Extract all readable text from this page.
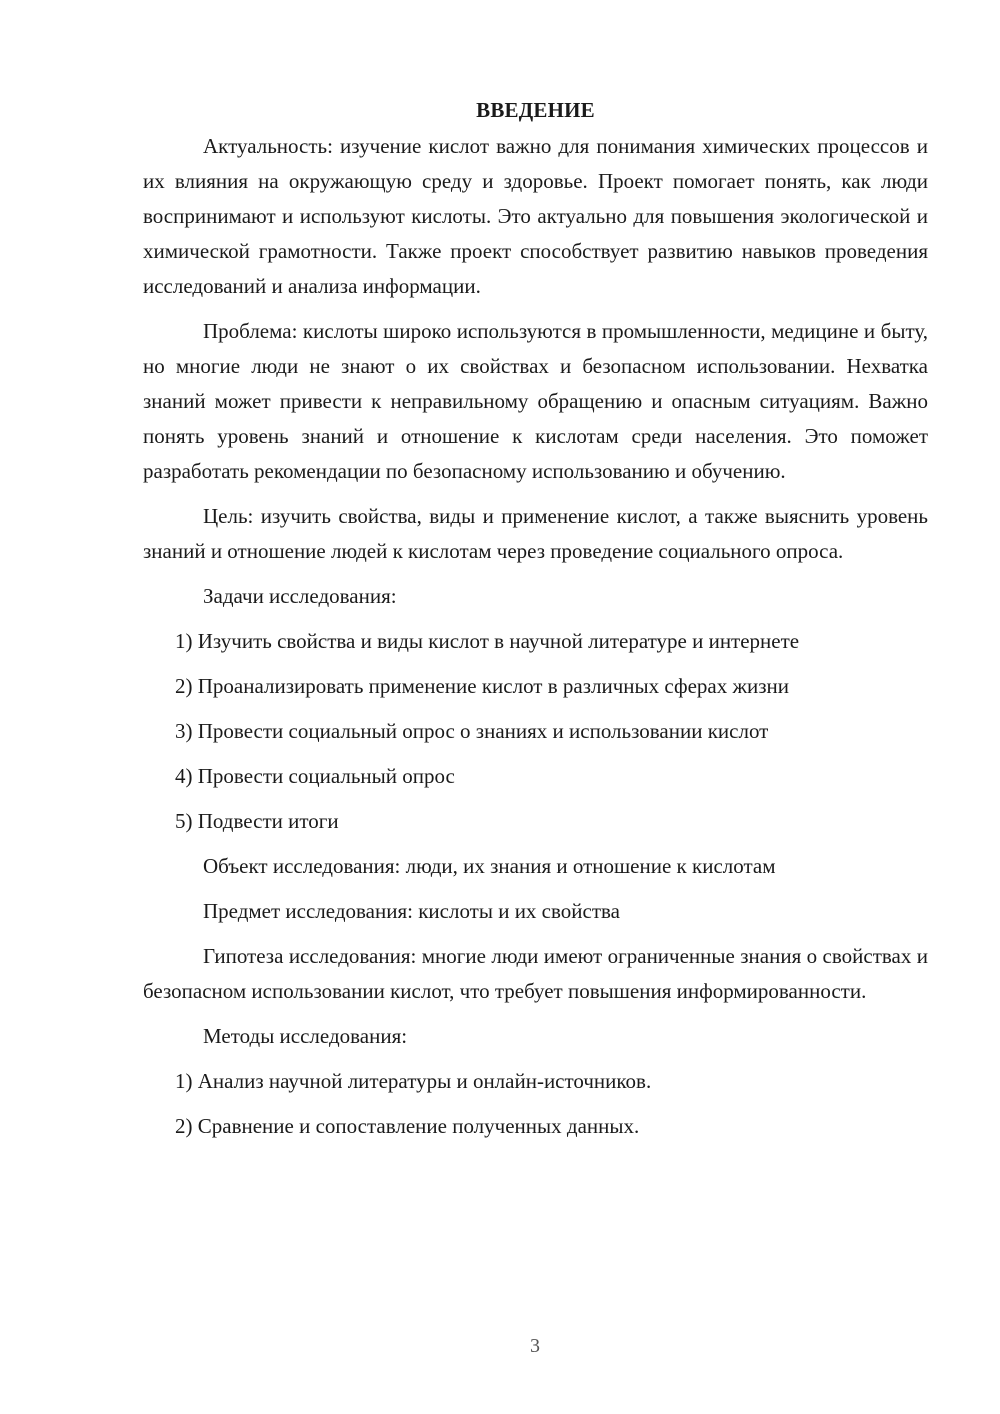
ВВЕДЕНИЕ

Актуальность: изучение кислот важно для понимания химических процессов и их влияния на окружающую среду и здоровье. Проект помогает понять, как люди воспринимают и используют кислоты. Это актуально для повышения экологической и химической грамотности. Также проект способствует развитию навыков проведения исследований и анализа информации.

Проблема: кислоты широко используются в промышленности, медицине и быту, но многие люди не знают о их свойствах и безопасном использовании. Нехватка знаний может привести к неправильному обращению и опасным ситуациям. Важно понять уровень знаний и отношение к кислотам среди населения. Это поможет разработать рекомендации по безопасному использованию и обучению.

Цель: изучить свойства, виды и применение кислот, а также выяснить уровень знаний и отношение людей к кислотам через проведение социального опроса.

Задачи исследования:
1) Изучить свойства и виды кислот в научной литературе и интернете
2) Проанализировать применение кислот в различных сферах жизни
3) Провести социальный опрос о знаниях и использовании кислот
4) Провести социальный опрос
5) Подвести итоги
Объект исследования: люди, их знания и отношение к кислотам
Предмет исследования: кислоты и их свойства

Гипотеза исследования: многие люди имеют ограниченные знания о свойствах и безопасном использовании кислот, что требует повышения информированности.

Методы исследования:
1) Анализ научной литературы и онлайн-источников.
2) Сравнение и сопоставление полученных данных.
3
